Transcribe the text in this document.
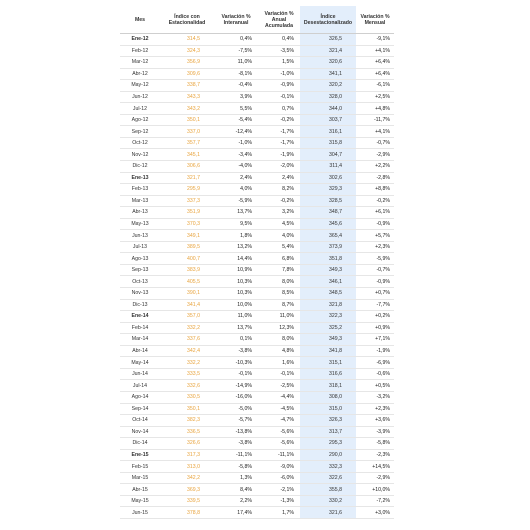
Mes	Índice con Estacionalidad	Variación % Interanual	Variación % Anual Acumulada	Índice Desestacionalizado	Variación % Mensual
Ene-12	314,5	0,4%	0,4%	326,5	-9,1%
Feb-12	324,3	-7,5%	-3,5%	321,4	+4,1%
Mar-12	356,9	11,0%	1,5%	320,6	+6,4%
Abr-12	309,6	-8,1%	-1,0%	341,1	+6,4%
May-12	338,7	-0,4%	-0,9%	320,2	-6,1%
Jun-12	343,3	3,9%	-0,1%	328,0	+2,5%
Jul-12	343,2	5,5%	0,7%	344,0	+4,8%
Ago-12	350,1	-5,4%	-0,2%	303,7	-11,7%
Sep-12	337,0	-12,4%	-1,7%	316,1	+4,1%
Oct-12	357,7	-1,0%	-1,7%	315,8	-0,7%
Nov-12	345,1	-3,4%	-1,9%	304,7	-2,9%
Dic-12	306,6	-4,0%	-2,0%	311,4	+2,2%
Ene-13	321,7	2,4%	2,4%	302,6	-2,8%
Feb-13	295,9	4,0%	8,2%	329,3	+8,8%
Mar-13	337,3	-5,9%	-0,2%	328,5	-0,2%
Abr-13	351,9	13,7%	3,2%	348,7	+6,1%
May-13	370,3	9,5%	4,5%	345,6	-0,9%
Jun-13	349,1	1,8%	4,0%	365,4	+5,7%
Jul-13	389,5	13,2%	5,4%	373,9	+2,3%
Ago-13	400,7	14,4%	6,8%	351,8	-5,9%
Sep-13	383,9	10,9%	7,8%	349,3	-0,7%
Oct-13	405,5	10,3%	8,0%	346,1	-0,9%
Nov-13	390,1	10,3%	8,5%	348,5	+0,7%
Dic-13	341,4	10,0%	8,7%	321,8	-7,7%
Ene-14	357,0	11,0%	11,0%	322,3	+0,2%
Feb-14	332,2	13,7%	12,3%	325,2	+0,9%
Mar-14	337,6	0,1%	8,0%	349,3	+7,1%
Abr-14	342,4	-3,8%	4,8%	341,8	-1,9%
May-14	332,2	-10,3%	1,6%	315,1	-6,9%
Jun-14	333,5	-0,1%	-0,1%	316,6	-0,6%
Jul-14	332,6	-14,9%	-2,5%	318,1	+0,5%
Ago-14	330,5	-16,0%	-4,4%	308,0	-3,2%
Sep-14	350,1	-5,0%	-4,5%	315,0	+2,3%
Oct-14	382,3	-5,7%	-4,7%	326,3	+3,6%
Nov-14	336,5	-13,8%	-5,6%	313,7	-3,9%
Dic-14	326,6	-3,8%	-5,6%	295,3	-5,8%
Ene-15	317,3	-11,1%	-11,1%	290,0	-2,3%
Feb-15	313,0	-5,8%	-9,0%	332,3	+14,5%
Mar-15	342,2	1,3%	-6,0%	322,6	-2,9%
Abr-15	369,3	8,4%	-2,1%	355,8	+10,0%
May-15	339,5	2,2%	-1,3%	330,2	-7,2%
Jun-15	378,8	17,4%	1,7%	321,6	+3,0%
